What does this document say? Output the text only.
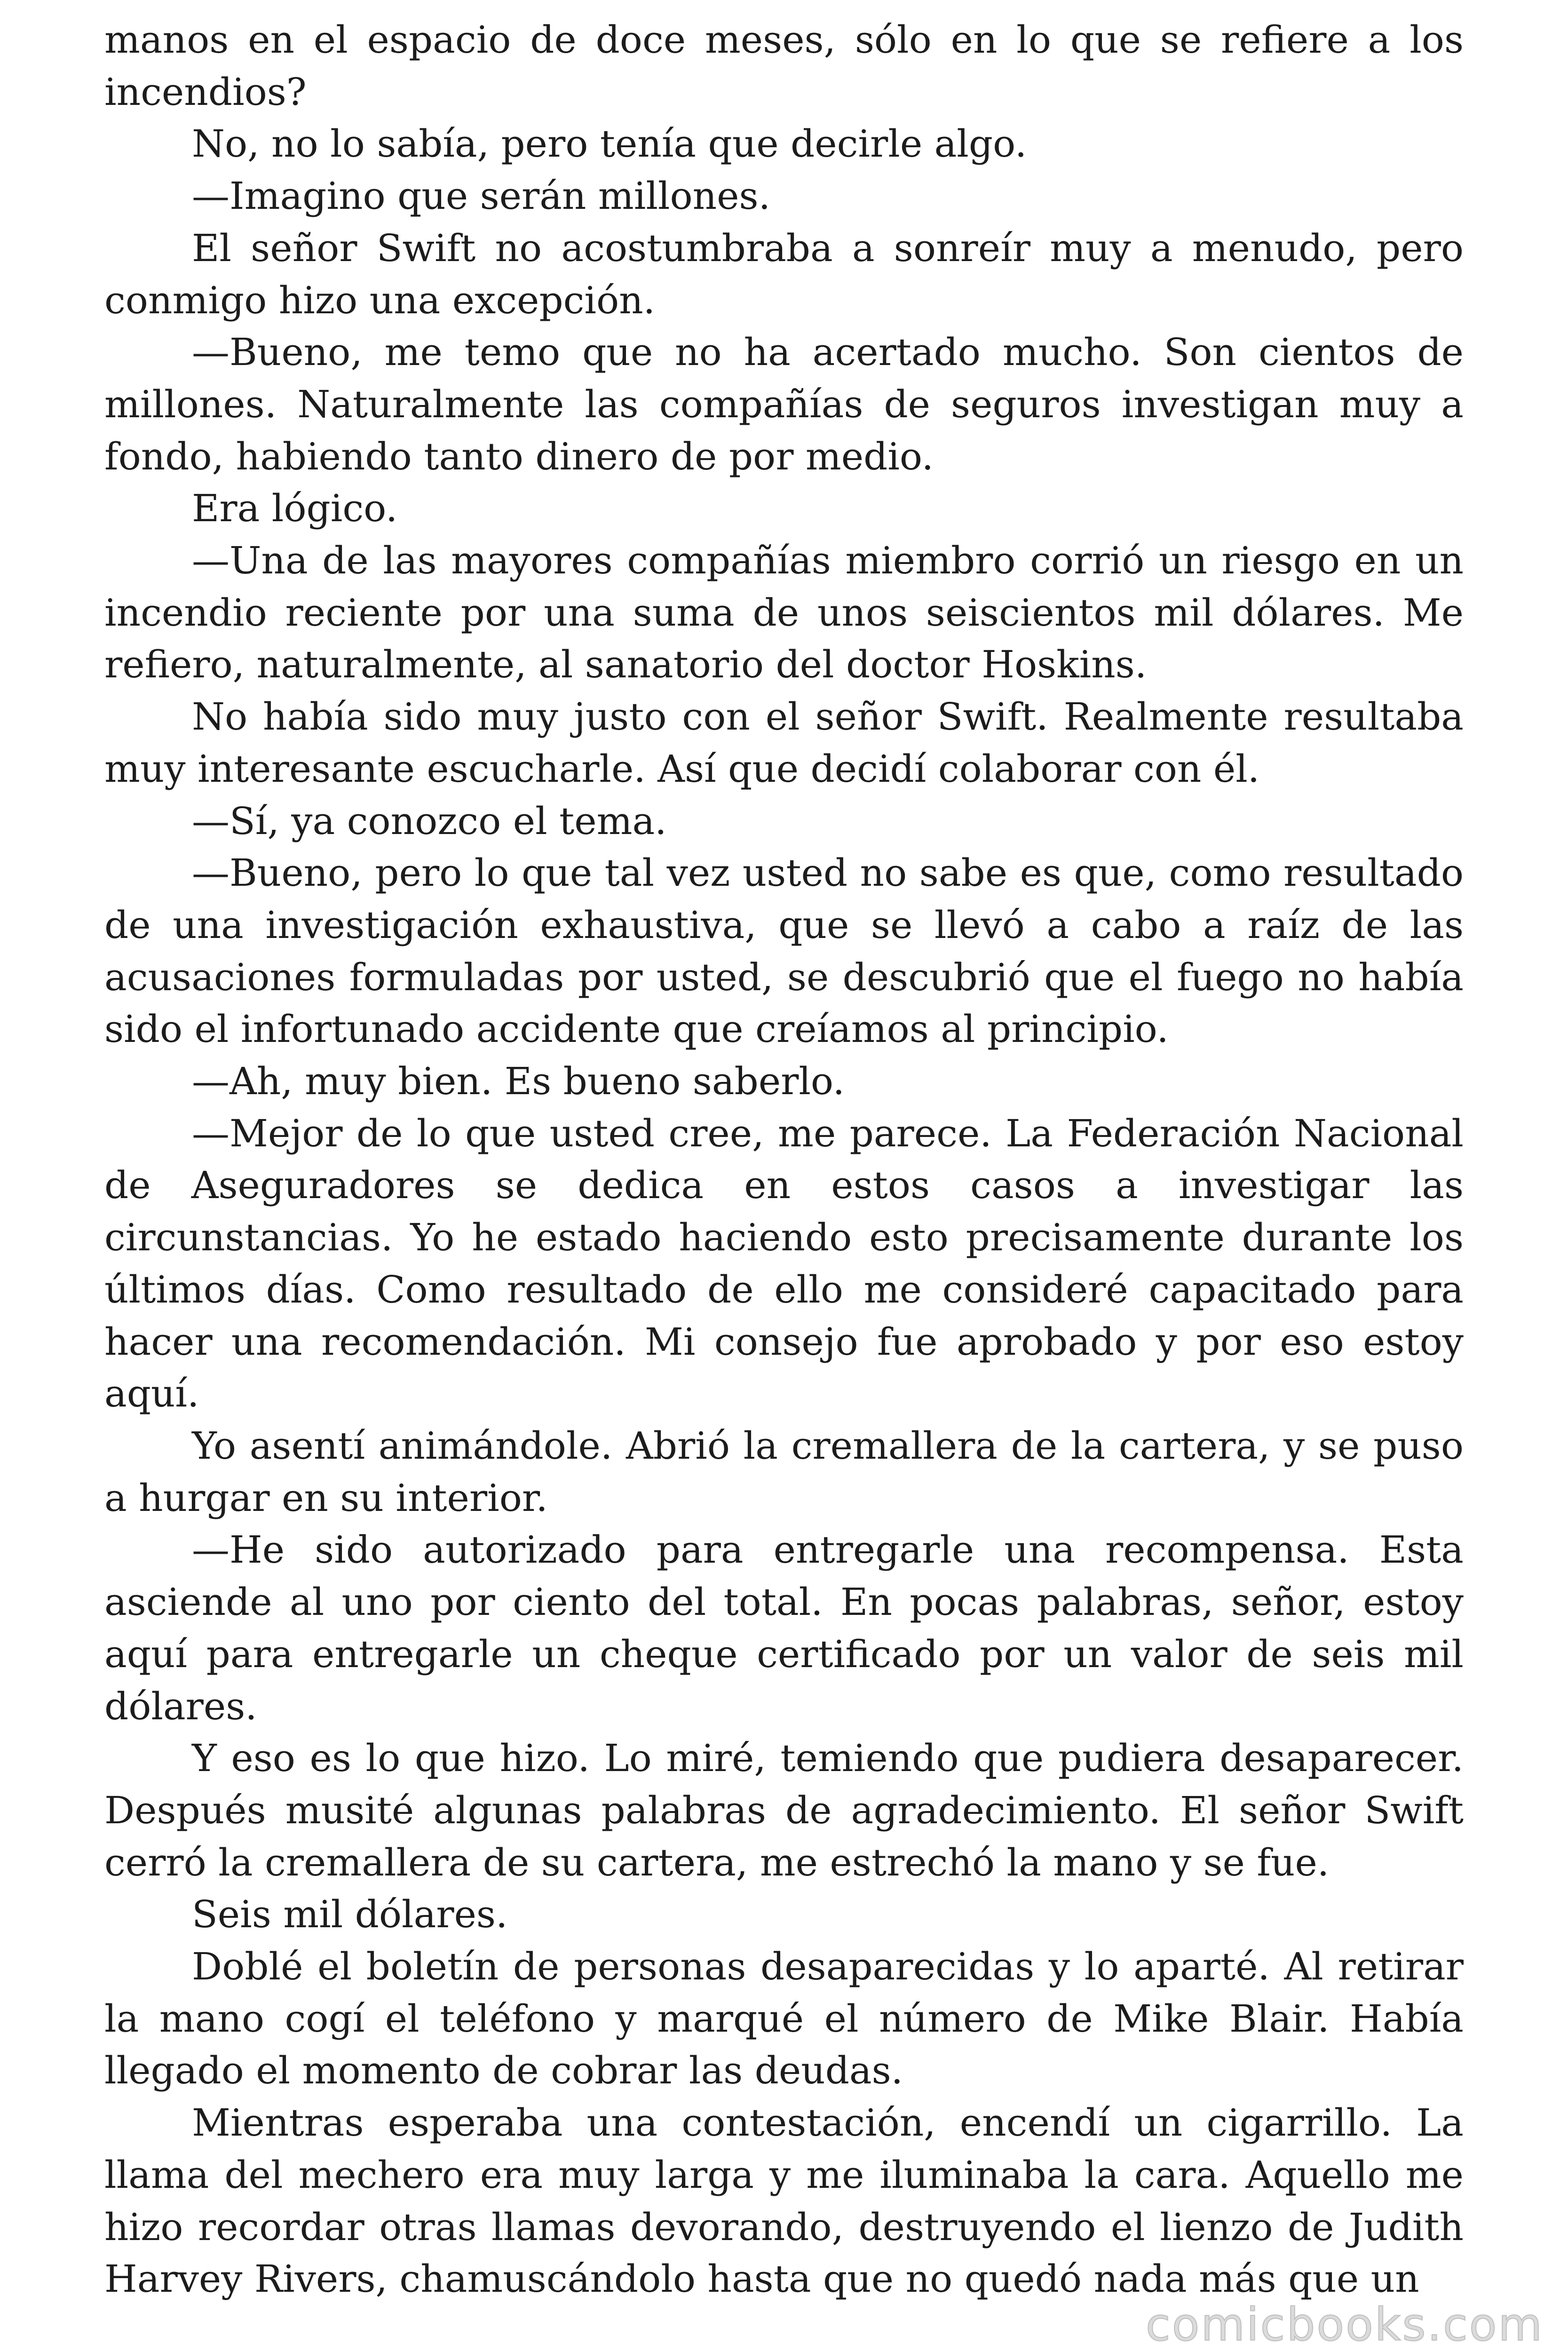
manos en el espacio de doce meses, sólo en lo que se refiere a los incendios?

No, no lo sabía, pero tenía que decirle algo.

—Imagino que serán millones.

El señor Swift no acostumbraba a sonreír muy a menudo, pero conmigo hizo una excepción.

—Bueno, me temo que no ha acertado mucho. Son cientos de millones. Naturalmente las compañías de seguros investigan muy a fondo, habiendo tanto dinero de por medio.

Era lógico.

—Una de las mayores compañías miembro corrió un riesgo en un incendio reciente por una suma de unos seiscientos mil dólares. Me refiero, naturalmente, al sanatorio del doctor Hoskins.

No había sido muy justo con el señor Swift. Realmente resultaba muy interesante escucharle. Así que decidí colaborar con él.

—Sí, ya conozco el tema.

—Bueno, pero lo que tal vez usted no sabe es que, como resultado de una investigación exhaustiva, que se llevó a cabo a raíz de las acusaciones formuladas por usted, se descubrió que el fuego no había sido el infortunado accidente que creíamos al principio.

—Ah, muy bien. Es bueno saberlo.

—Mejor de lo que usted cree, me parece. La Federación Nacional de Aseguradores se dedica en estos casos a investigar las circunstancias. Yo he estado haciendo esto precisamente durante los últimos días. Como resultado de ello me consideré capacitado para hacer una recomendación. Mi consejo fue aprobado y por eso estoy aquí.

Yo asentí animándole. Abrió la cremallera de la cartera, y se puso a hurgar en su interior.

—He sido autorizado para entregarle una recompensa. Esta asciende al uno por ciento del total. En pocas palabras, señor, estoy aquí para entregarle un cheque certificado por un valor de seis mil dólares.

Y eso es lo que hizo. Lo miré, temiendo que pudiera desaparecer. Después musité algunas palabras de agradecimiento. El señor Swift cerró la cremallera de su cartera, me estrechó la mano y se fue.

Seis mil dólares.

Doblé el boletín de personas desaparecidas y lo aparté. Al retirar la mano cogí el teléfono y marqué el número de Mike Blair. Había llegado el momento de cobrar las deudas.

Mientras esperaba una contestación, encendí un cigarrillo. La llama del mechero era muy larga y me iluminaba la cara. Aquello me hizo recordar otras llamas devorando, destruyendo el lienzo de Judith Harvey Rivers, chamuscándolo hasta que no quedó nada más que un

comicbooks.com
